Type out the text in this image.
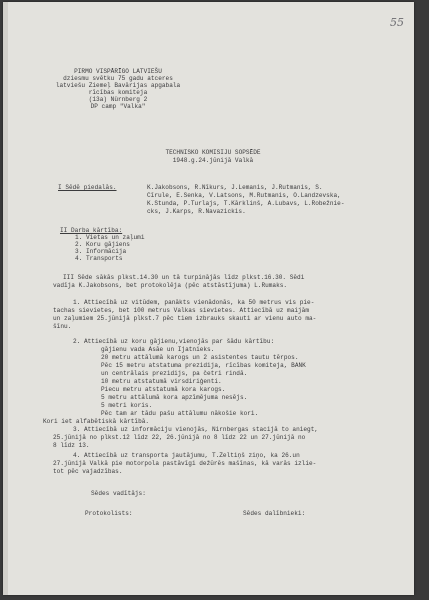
55
PIRMO VISPĀRĪGO LATVIEŠU
dziesmu svētku 75 gadu atceres
latviešu Ziemeļ Bavārijas apgabala
rīcības komiteja
(13a) Nürnberg 2
DP camp "Valka"
TECHNISKO KOMISIJU SOPSĒDE
1948.g.24.jūnijā Valkā
I Sēdē piedalās.	K.Jakobsons, R.Nīkurs, J.Lemanis, J.Rutmanis, S.
Cīrule, E.Senka, V.Latsons, M.Rutmanis, O.Landzevska,
K.Stunda, P.Turlajs, T.Kārklinš, A.Lubavs, L.Robežnie-
cks, J.Karps, R.Navazickis.
II Darba kārtība:
1. Vietas un zaļumi
2. Koru gājiens
3. Informācija
4. Transports
III Sēde sākās plkst.14.30 un tā turpinājās līdz plkst.16.30. Sēdi
vadīja K.Jakobsons, bet protokolēja (pēc atstāstījuma) L.Rumaks.
1. Attiecībā uz vitūdem, panākts vienādonās, ka 50 metrus vis pie-
tachas sievietes, bet 100 metrus Valkas sievietes. Attiecībā uz maijām
un zaļumiem 25.jūnijā plkst.7 pēc tiem izbrauks skauti ar vienu auto ma-
šīnu.
2. Attiecībā uz koru gājienu,vienojās par šādu kārtību:
gājienu vada Asāe un Ijatnieks.
20 metru attālumā karogs un 2 asistentes tautu tērpos.
Pēc 15 metru atstatuma prezidija, rīcības komiteja, BANK
un centrālais prezidijs, pa četri rindā.
10 metru atstatumā virsdiriģenti.
Piecu metru atstatumā kora karogs.
5 metru attālumā kora apzīmējuma nesējs.
5 metri koris.
Pēc tam ar tādu pašu attālumu nākošie kori.
Kori iet alfabētiskā kārtībā.
3. Attiecībā uz informāciju vienojās, Nirnbergas stacijā to aniegt,
25.jūnijā no plkst.12 līdz 22, 26.jūnijā no 8 līdz 22 un 27.jūnijā no
8 līdz 13.
4. Attiecībā uz transporta jautājumu, T.Zeltiņš ziņo, ka 26.un
27.jūnijā Valkā pie motorpola pastāvīgi dežūrēs mašīnas, kā varās izlie-
tot pēc vajadzības.
Sēdes vadītājs:
Protokolists:	Sēdes dalībnieki:
